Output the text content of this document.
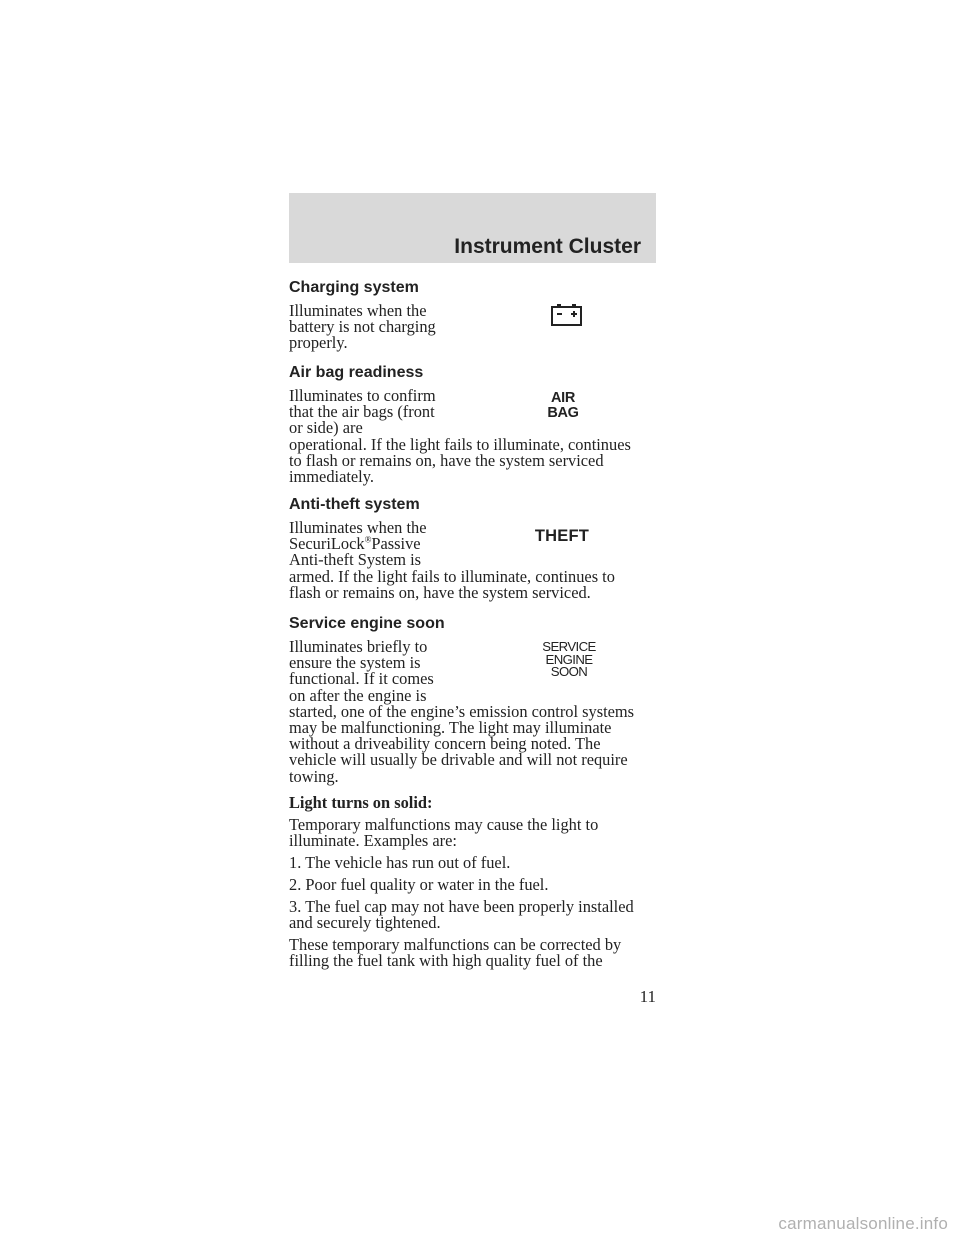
Instrument Cluster
Charging system
Illuminates when the
battery is not charging
properly.
Air bag readiness
Illuminates to confirm
that the air bags (front
or side) are
operational. If the light fails to illuminate, continues
to flash or remains on, have the system serviced
immediately.
AIR
BAG
Anti-theft system
Illuminates when the
SecuriLock®Passive
Anti-theft System is
armed. If the light fails to illuminate, continues to
flash or remains on, have the system serviced.
THEFT
Service engine soon
Illuminates briefly to
ensure the system is
functional. If it comes
on after the engine is
started, one of the engine’s emission control systems
may be malfunctioning. The light may illuminate
without a driveability concern being noted. The
vehicle will usually be drivable and will not require
towing.
SERVICE
ENGINE
SOON
Light turns on solid:
Temporary malfunctions may cause the light to
illuminate. Examples are:
1. The vehicle has run out of fuel.
2. Poor fuel quality or water in the fuel.
3. The fuel cap may not have been properly installed
and securely tightened.
These temporary malfunctions can be corrected by
filling the fuel tank with high quality fuel of the
11
carmanualsonline.info
